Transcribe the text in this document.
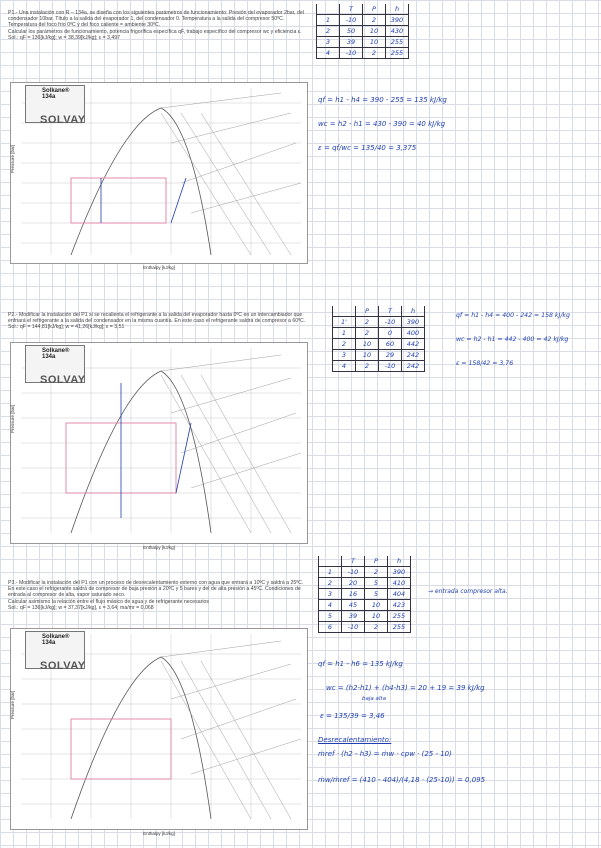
P1.- Una instalación con R – 134a, se diseña con los siguientes parámetros de funcionamiento: Presión del evaporador 2bar, del condensador 10bar. Título a la salida del evaporador 1, del condensador 0. Temperatura a la salida del compresor 50ºC. Temperatura del foco frío 0ºC y del foco caliente = ambiente 30ºC.

Calcular los parámetros de funcionamiento, potencia frigorífica específica qF, trabajo específico del compresor wc y eficiencia ε.

Sol.: qF = 136[kJ/kg]; w = 38,39[kJ/kg]; ε = 3,497

Solkane® 134a
SOLVAY
Enthalpy [kJ/kg]
Pressure [bar]
	T	P	h
1	-10	2	390
2	50	10	430
3	39	10	255
4	-10	2	255
qf = h1 - h4 = 390 - 255 = 135 kJ/kg
wc = h2 - h1 = 430 - 390 = 40 kJ/kg
ε = qf/wc = 135/40 = 3,375

P2.- Modificar la instalación del P1 si se recalienta el refrigerante a la salida del evaporador hasta 0ºC en un intercambiador que enfriará el refrigerante a la salida del condensador en la misma cuantía. En este caso el refrigerante saldrá de compresor a 60ºC.

Sol.: qF = 144,81[kJ/kg]; w = 41,26[kJ/kg]; ε = 3,51

Solkane® 134a
SOLVAY
Enthalpy [kJ/kg]
Pressure [bar]
	P	T	h
1'	2	-10	390
1	2	0	400
2	10	60	442
3	10	29	242
4	2	-10	242
qf = h1 - h4 = 400 - 242 = 158 kJ/kg
wc = h2 - h1 = 442 - 400 = 42 kJ/kg
ε = 158/42 = 3,76

P3.- Modificar la instalación del P1 con un proceso de desrecalentamiento externo con agua que entrará a 10ºC y saldrá a 25ºC. En este caso el refrigerante saldrá de compresor de baja presión a 20ºC y 5 bares y del de alta presión a 45ºC. Condiciones de entrada al compresor de alta, vapor saturado seco.

Calcular asimismo la relación entre el flujo másico de agua y de refrigerante necesarios

Sol.: qF = 136[kJ/kg]; w = 37,37[kJ/kg], ε = 3,64; ma/mr = 0,068

Solkane® 134a
SOLVAY
Enthalpy [kJ/kg]
Pressure [bar]
	T	P	h
1	-10	2	390
2	20	5	410
3	16	5	404
4	45	10	423
5	39	10	255
6	-10	2	255
→ entrada compresor alta.
qf = h1 - h6 = 135 kJ/kg
wc = (h2-h1) + (h4-h3) = 20 + 19 = 39 kJ/kg
baja alta
ε = 135/39 = 3,46
Desrecalentamiento:
ṁref · (h2 - h3) = ṁw · cpw · (25 - 10)
ṁw/ṁref = (410 - 404)/(4,18 · (25-10)) = 0,095
